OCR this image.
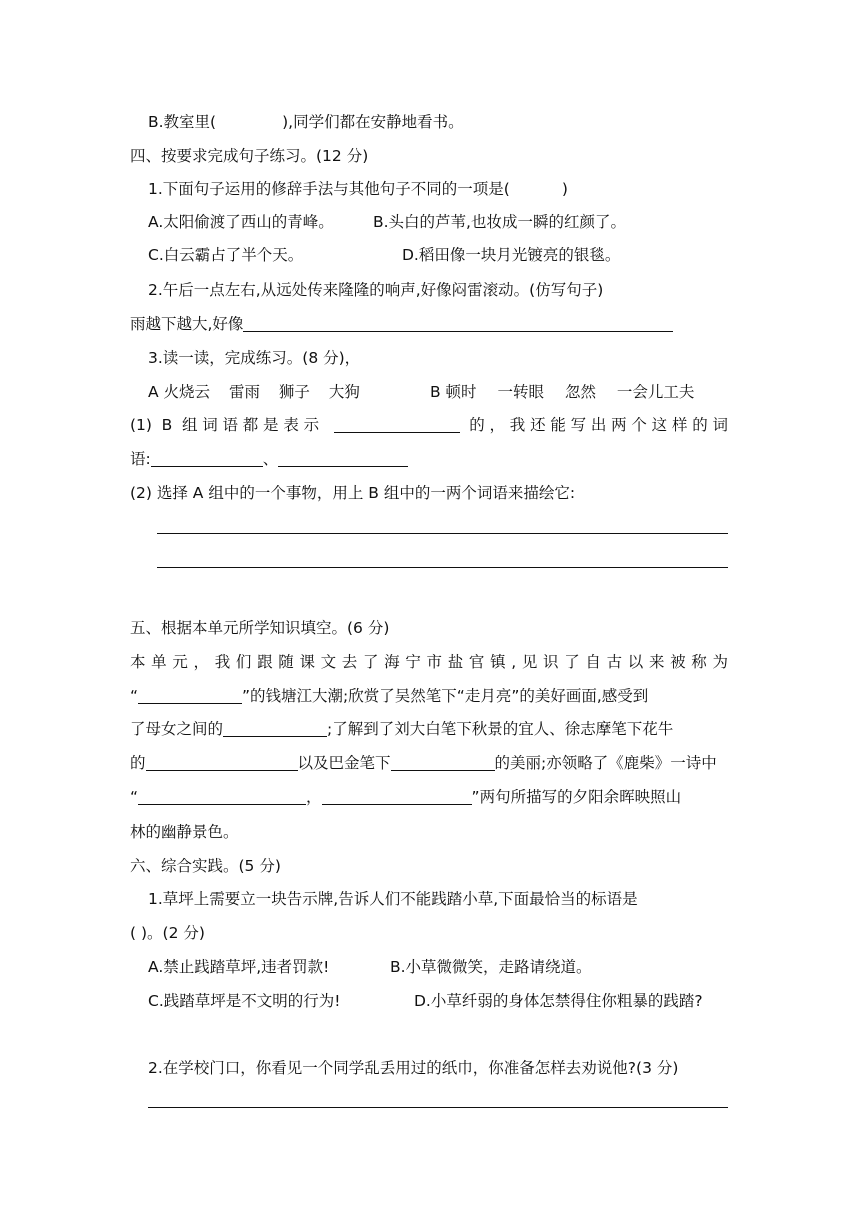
B.教室里(	),同学们都在安静地看书。
四、按要求完成句子练习。(12 分)
1.下面句子运用的修辞手法与其他句子不同的一项是(	)
A.太阳偷渡了西山的青峰。	B.头白的芦苇,也妆成一瞬的红颜了。
C.白云霸占了半个天。	D.稻田像一块月光镀亮的银毯。
2.午后一点左右,从远处传来隆隆的响声,好像闷雷滚动。(仿写句子)
雨越下越大,好像
3.读一读，完成练习。(8 分)，
A 火烧云 雷雨 狮子 大狗	B 顿时 一转眼 忽然 一会儿工夫
(1) B 组词语都是表示	的，我还能写出两个这样的词
语:	、
(2) 选择 A 组中的一个事物，用上 B 组中的一两个词语来描绘它:
五、根据本单元所学知识填空。(6 分)
本单元，我们跟随课文去了海宁市盐官镇,见识了自古以来被称为
“	”的钱塘江大潮;欣赏了吴然笔下“走月亮”的美好画面,感受到
了母女之间的	;了解到了刘大白笔下秋景的宜人、徐志摩笔下花牛
的	以及巴金笔下	的美丽;亦领略了《鹿柴》一诗中
“	，	”两句所描写的夕阳余晖映照山
林的幽静景色。
六、综合实践。(5 分)
1.草坪上需要立一块告示牌,告诉人们不能践踏小草,下面最恰当的标语是
( )。(2 分)
A.禁止践踏草坪,违者罚款!	B.小草微微笑，走路请绕道。
C.践踏草坪是不文明的行为!	D.小草纤弱的身体怎禁得住你粗暴的践踏?
2.在学校门口，你看见一个同学乱丢用过的纸巾，你准备怎样去劝说他?(3 分)
